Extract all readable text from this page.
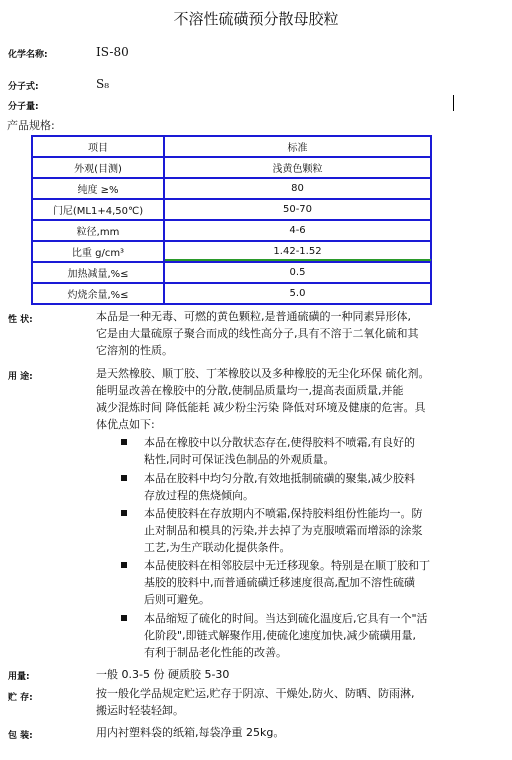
不溶性硫磺预分散母胶粒
化学名称:	IS-80
分子式:	S₈
分子量:
产品规格:
项目	标准
外观(目测)	浅黄色颗粒
纯度 ≥%	80
门尼(ML1+4,50℃)	50-70
粒径,mm	4-6
比重 g/cm³	1.42-1.52
加热减量,%≤	0.5
灼烧余量,%≤	5.0
性 状:	本品是一种无毒、可燃的黄色颗粒,是普通硫磺的一种同素异形体,

它是由大量硫原子聚合而成的线性高分子,具有不溶于二氧化硫和其

它溶剂的性质。

用 途:	是天然橡胶、顺丁胶、丁苯橡胶以及多种橡胶的无尘化环保 硫化剂。

能明显改善在橡胶中的分散,使制品质量均一,提高表面质量,并能

减少混炼时间 降低能耗 减少粉尘污染 降低对环境及健康的危害。具

体优点如下:

本品在橡胶中以分散状态存在,使得胶料不喷霜,有良好的

粘性,同时可保证浅色制品的外观质量。

本品在胶料中均匀分散,有效地抵制硫磺的聚集,减少胶料

存放过程的焦烧倾向。

本品使胶料在存放期内不喷霜,保持胶料组份性能均一。防

止对制品和模具的污染,并去掉了为克服喷霜而增添的涂浆

工艺,为生产联动化提供条件。

本品使胶料在相邻胶层中无迁移现象。特别是在顺丁胶和丁

基胶的胶料中,而普通硫磺迁移速度很高,配加不溶性硫磺

后则可避免。

本品缩短了硫化的时间。当达到硫化温度后,它具有一个"活

化阶段",即链式解聚作用,使硫化速度加快,减少硫磺用量,

有利于制品老化性能的改善。

用量:	一般 0.3-5 份 硬质胶 5-30
贮 存:	按一般化学品规定贮运,贮存于阴凉、干燥处,防火、防晒、防雨淋,

搬运时轻装轻卸。

包 装:	用内衬塑料袋的纸箱,每袋净重 25kg。
